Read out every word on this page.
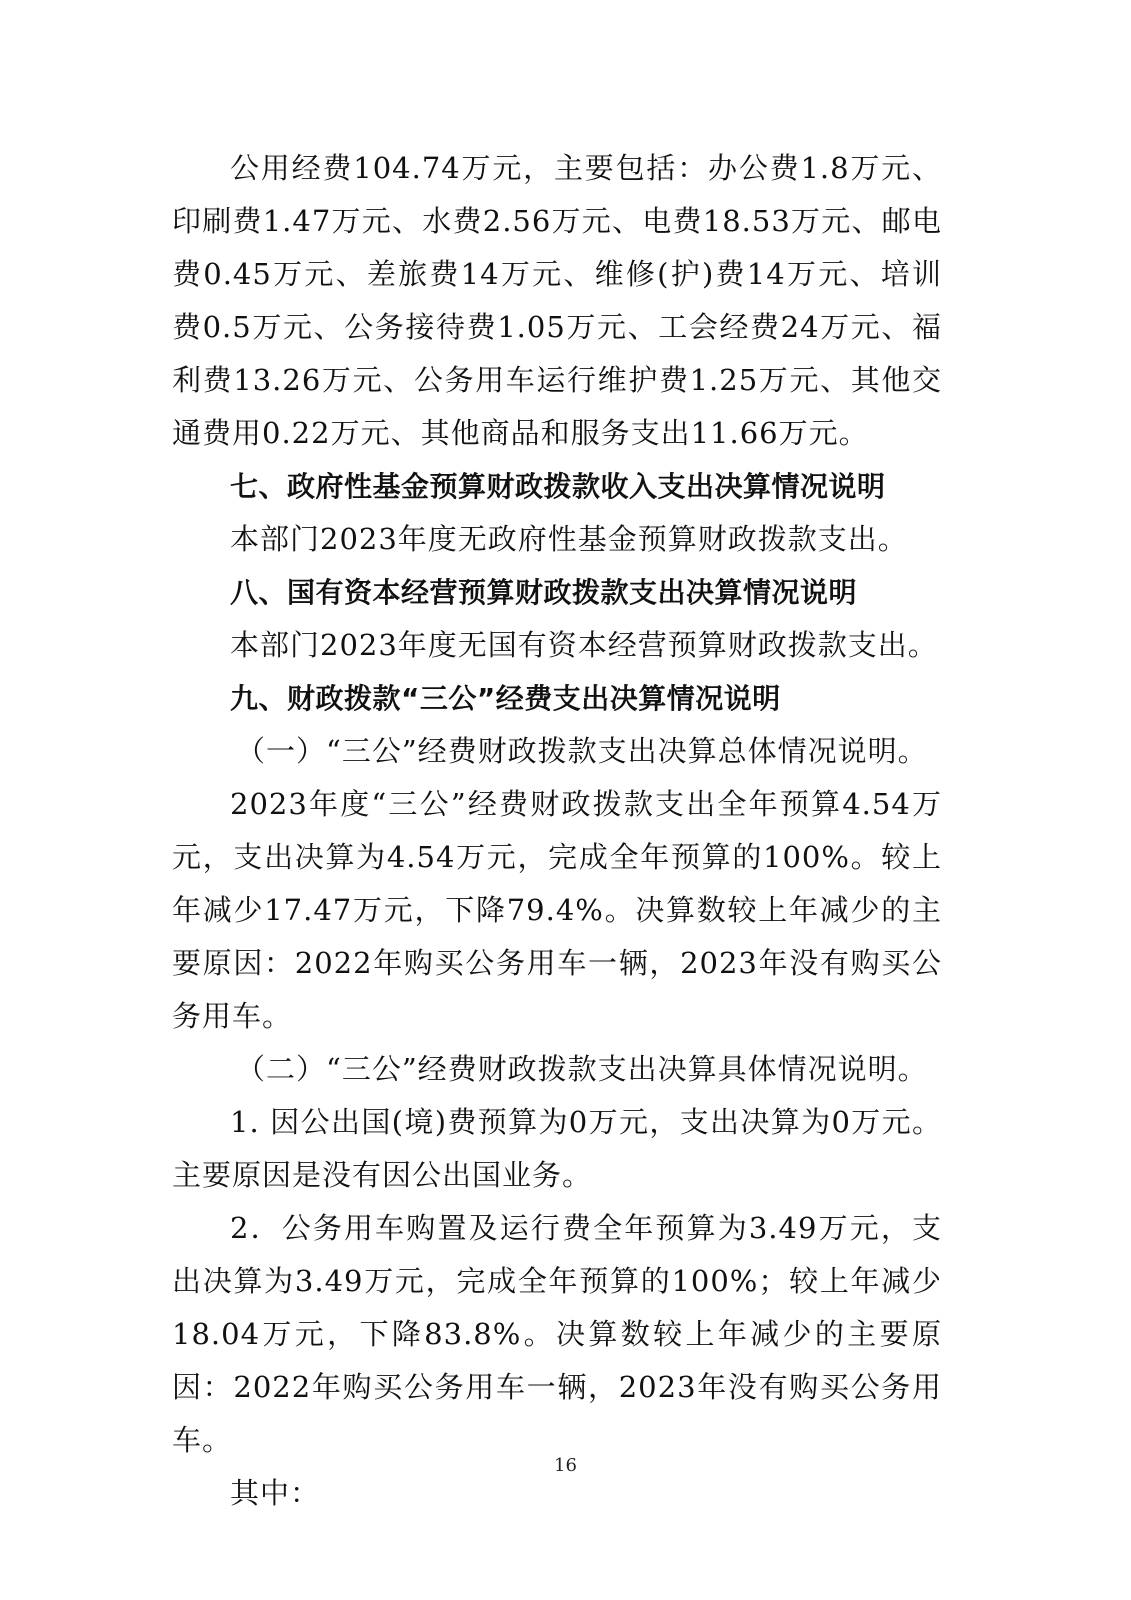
公用经费104.74万元，主要包括：办公费1.8万元、印刷费1.47万元、水费2.56万元、电费18.53万元、邮电费0.45万元、差旅费14万元、维修(护)费14万元、培训费0.5万元、公务接待费1.05万元、工会经费24万元、福利费13.26万元、公务用车运行维护费1.25万元、其他交通费用0.22万元、其他商品和服务支出11.66万元。

七、政府性基金预算财政拨款收入支出决算情况说明

本部门2023年度无政府性基金预算财政拨款支出。

八、国有资本经营预算财政拨款支出决算情况说明

本部门2023年度无国有资本经营预算财政拨款支出。

九、财政拨款“三公”经费支出决算情况说明

（一）“三公”经费财政拨款支出决算总体情况说明。

2023年度“三公”经费财政拨款支出全年预算4.54万元，支出决算为4.54万元，完成全年预算的100%。较上年减少17.47万元，下降79.4%。决算数较上年减少的主要原因：2022年购买公务用车一辆，2023年没有购买公务用车。

（二）“三公”经费财政拨款支出决算具体情况说明。

1. 因公出国(境)费预算为0万元，支出决算为0万元。主要原因是没有因公出国业务。

2．公务用车购置及运行费全年预算为3.49万元，支出决算为3.49万元，完成全年预算的100%；较上年减少18.04万元，下降83.8%。决算数较上年减少的主要原因：2022年购买公务用车一辆，2023年没有购买公务用车。

其中：

16
